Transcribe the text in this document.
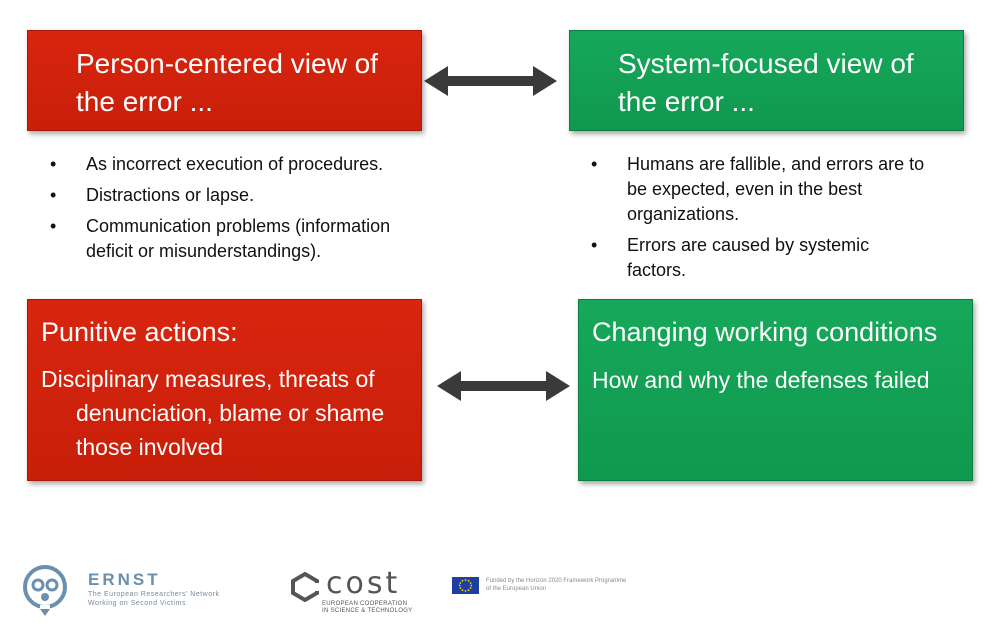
Person-centered view of the error ...
System-focused view of the error ...
•	As incorrect execution of procedures.
•	Distractions or lapse.
•	Communication problems (information deficit or misunderstandings).
•	Humans are fallible, and errors are to be expected, even in the best organizations.
•	Errors are caused by systemic factors.
Punitive actions:
Disciplinary measures, threats of denunciation, blame or shame those involved
Changing working conditions
How and why the defenses failed
ERNST
The European Researchers' Network
Working on Second Victims
cost
EUROPEAN COOPERATION
IN SCIENCE & TECHNOLOGY
Funded by the Horizon 2020 Framework Programme
of the European Union
